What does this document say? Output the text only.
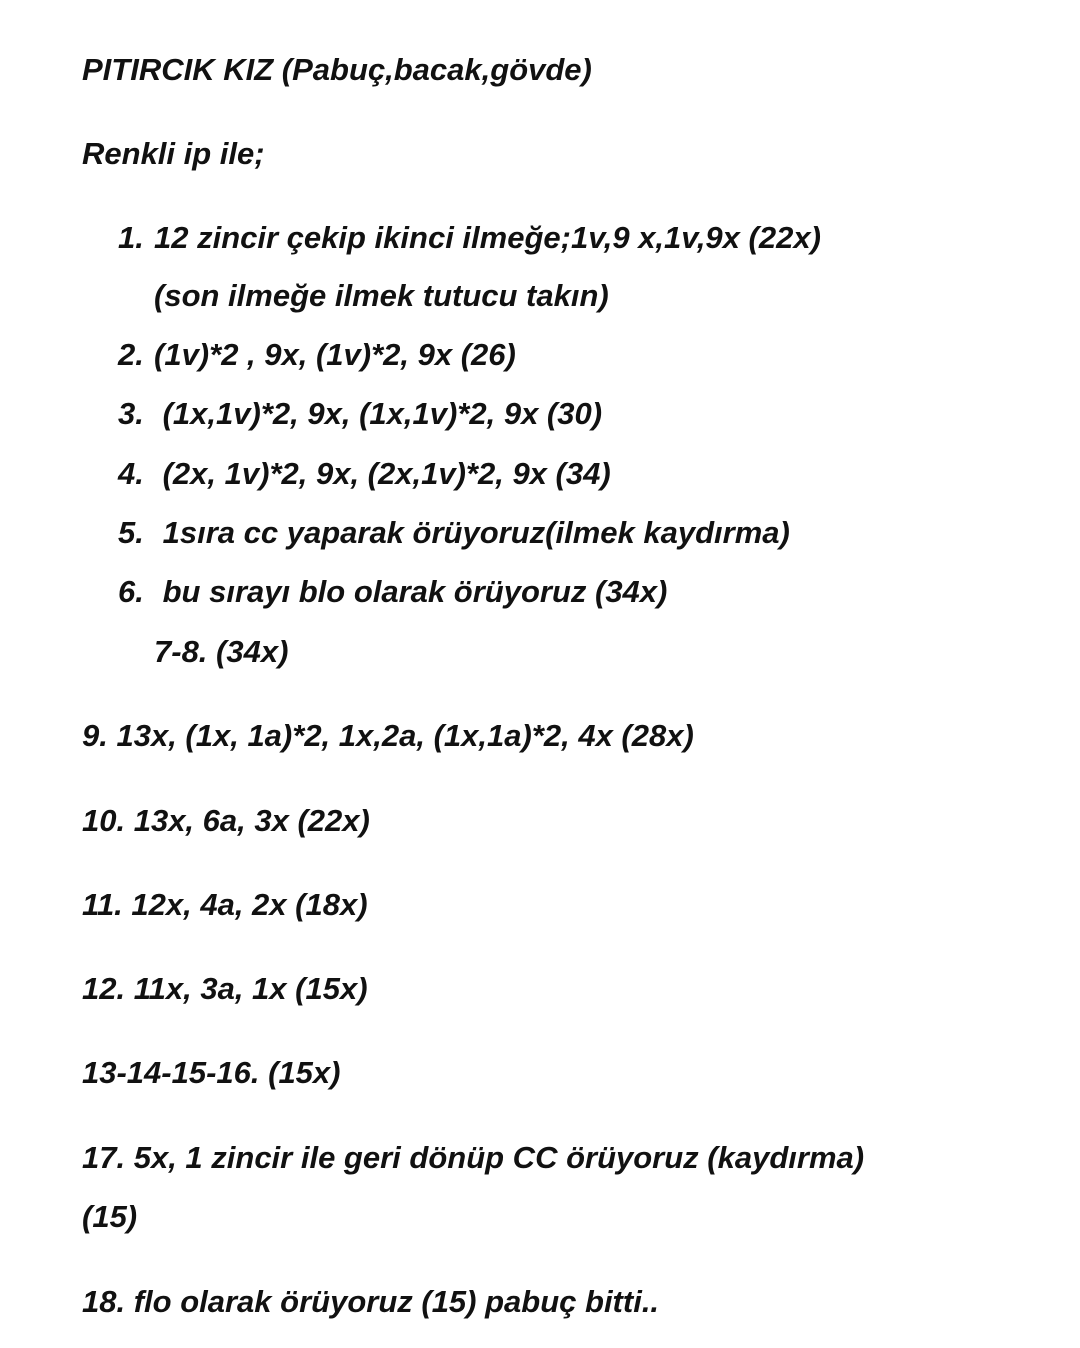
PITIRCIK KIZ (Pabuç,bacak,gövde)
Renkli ip ile;
1. 12 zincir çekip ikinci ilmeğe;1v,9 x,1v,9x (22x)
(son ilmeğe ilmek tutucu takın)
2. (1v)*2 , 9x, (1v)*2, 9x (26)
3. (1x,1v)*2, 9x, (1x,1v)*2, 9x (30)
4. (2x, 1v)*2, 9x, (2x,1v)*2, 9x (34)
5. 1sıra cc yaparak örüyoruz(ilmek kaydırma)
6. bu sırayı blo olarak örüyoruz (34x)
7-8. (34x)
9. 13x, (1x, 1a)*2, 1x,2a, (1x,1a)*2, 4x (28x)
10. 13x, 6a, 3x (22x)
11. 12x, 4a, 2x (18x)
12. 11x, 3a, 1x (15x)
13-14-15-16. (15x)
17. 5x, 1 zincir ile geri dönüp CC örüyoruz (kaydırma)
(15)
18. flo olarak örüyoruz (15) pabuç bitti..
